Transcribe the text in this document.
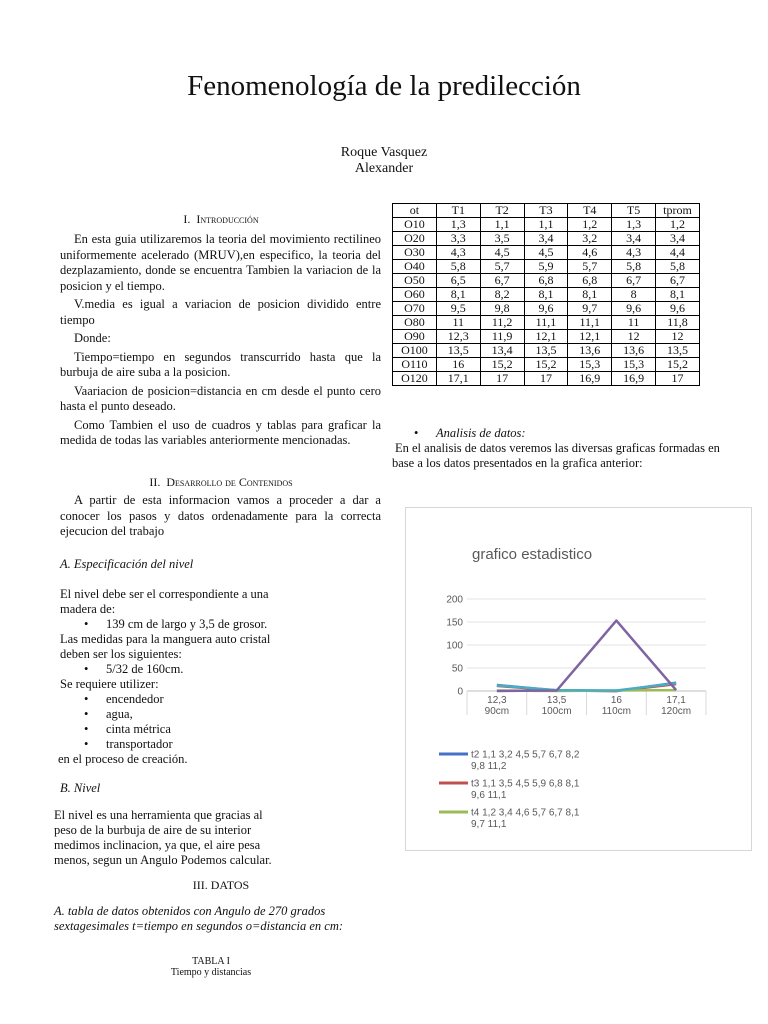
Fenomenología de la predilección
Roque Vasquez
Alexander
I. Introducción
En esta guia utilizaremos la teoria del movimiento rectilineo uniformemente acelerado (MRUV),en especifico, la teoria del dezplazamiento, donde se encuentra Tambien la variacion de la posicion y el tiempo.
V.media es igual a variacion de posicion dividido entre tiempo
Donde:
Tiempo=tiempo en segundos transcurrido hasta que la burbuja de aire suba a la posicion.
Vaariacion de posicion=distancia en cm desde el punto cero hasta el punto deseado.
Como Tambien el uso de cuadros y tablas para graficar la medida de todas las variables anteriormente mencionadas.
II. Desarrollo de Contenidos
A partir de esta informacion vamos a proceder a dar a conocer los pasos y datos ordenadamente para la correcta ejecucion del trabajo
A. Especificación del nivel
El nivel debe ser el correspondiente a una madera de:
• 139 cm de largo y 3,5 de grosor.
Las medidas para la manguera auto cristal deben ser los siguientes:
• 5/32 de 160cm.
Se requiere utilizer:
• encendedor
• agua,
• cinta métrica
• transportador
en el proceso de creación.
B. Nivel
El nivel es una herramienta que gracias al peso de la burbuja de aire de su interior medimos inclinacion, ya que, el aire pesa menos, segun un Angulo Podemos calcular.
III. DATOS
A. tabla de datos obtenidos con Angulo de 270 grados sextagesimales t=tiempo en segundos o=distancia en cm:
TABLA I
Tiempo y distancias
ot	T1	T2	T3	T4	T5	tprom
O10	1,3	1,1	1,1	1,2	1,3	1,2
O20	3,3	3,5	3,4	3,2	3,4	3,4
O30	4,3	4,5	4,5	4,6	4,3	4,4
O40	5,8	5,7	5,9	5,7	5,8	5,8
O50	6,5	6,7	6,8	6,8	6,7	6,7
O60	8,1	8,2	8,1	8,1	8	8,1
O70	9,5	9,8	9,6	9,7	9,6	9,6
O80	11	11,2	11,1	11,1	11	11,8
O90	12,3	11,9	12,1	12,1	12	12
O100	13,5	13,4	13,5	13,6	13,6	13,5
O110	16	15,2	15,2	15,3	15,3	15,2
O120	17,1	17	17	16,9	16,9	17
• Analisis de datos:
En el analisis de datos veremos las diversas graficas formadas en base a los datos presentados en la grafica anterior:
grafico estadistico
0
50
100
150
200
12,3
90cm
13,5
100cm
16
110cm
17,1
120cm
t2 1,1 3,2 4,5 5,7 6,7 8,2
9,8 11,2
t3 1,1 3,5 4,5 5,9 6,8 8,1
9,6 11,1
t4 1,2 3,4 4,6 5,7 6,7 8,1
9,7 11,1
